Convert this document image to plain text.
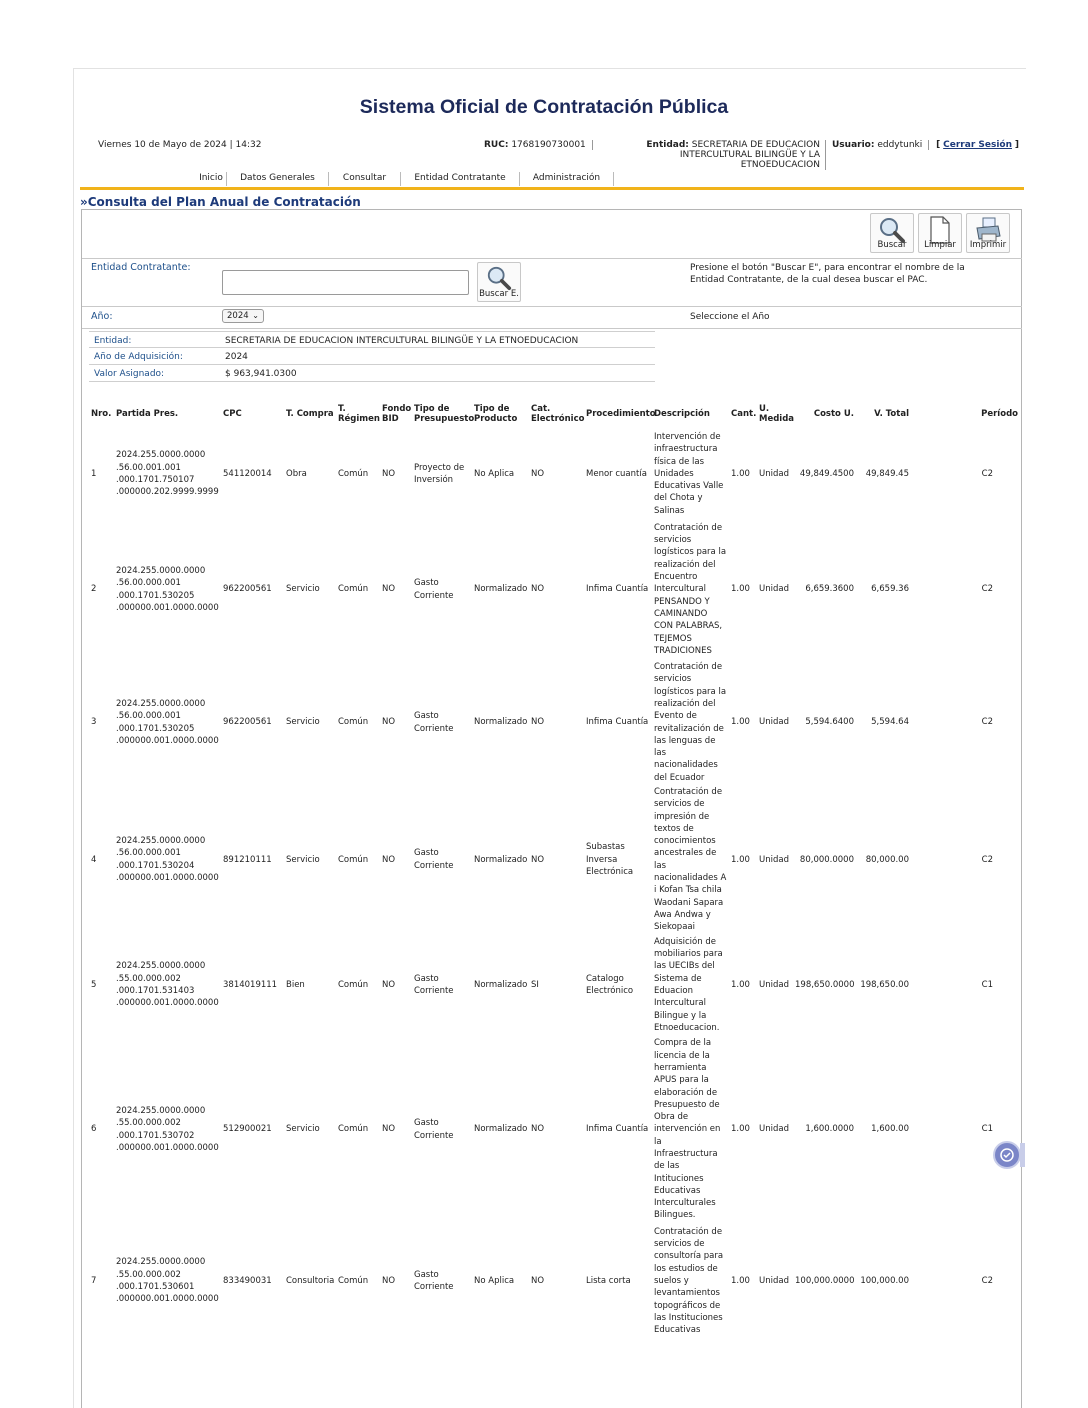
Sistema Oficial de Contratación Pública
Viernes 10 de Mayo de 2024 | 14:32	RUC: 1768190730001	Entidad: SECRETARIA DE EDUCACION
INTERCULTURAL BILINGÜE Y LA ETNOEDUCACION
Usuario: eddytunki [ Cerrar Sesión ]
Inicio	Datos Generales	Consultar	Entidad Contratante	Administración
»Consulta del Plan Anual de Contratación
Buscar	Limpiar	Imprimir
Entidad Contratante:
Buscar E.
Presione el botón "Buscar E", para encontrar el nombre de la Entidad Contratante, de la cual desea buscar el PAC.
Año:	2024 ⌄	Seleccione el Año
Entidad:	SECRETARIA DE EDUCACION INTERCULTURAL BILINGÜE Y LA ETNOEDUCACION
Año de Adquisición:	2024
Valor Asignado:	$ 963,941.0300
Nro.	Partida Pres.	CPC	T. Compra	T. Régimen	Fondo BID	Tipo de Presupuesto	Tipo de Producto	Cat. Electrónico	Procedimiento	Descripción	Cant.	U. Medida	Costo U.	V. Total	Período
1	2024.255.0000.0000
.56.00.001.001
.000.1701.750107
.000000.202.9999.9999	541120014	Obra	Común	NO	Proyecto de Inversión	No Aplica	NO	Menor cuantía	Intervención de infraestructura física de las Unidades Educativas Valle del Chota y Salinas	1.00	Unidad	49,849.4500	49,849.45	C2
2	2024.255.0000.0000
.56.00.000.001
.000.1701.530205
.000000.001.0000.0000	962200561	Servicio	Común	NO	Gasto Corriente	Normalizado	NO	Infima Cuantía	Contratación de servicios logísticos para la realización del Encuentro Intercultural PENSANDO Y CAMINANDO CON PALABRAS, TEJEMOS TRADICIONES	1.00	Unidad	6,659.3600	6,659.36	C2
3	2024.255.0000.0000
.56.00.000.001
.000.1701.530205
.000000.001.0000.0000	962200561	Servicio	Común	NO	Gasto Corriente	Normalizado	NO	Infima Cuantía	Contratación de servicios logísticos para la realización del Evento de revitalización de las lenguas de las nacionalidades del Ecuador	1.00	Unidad	5,594.6400	5,594.64	C2
4	2024.255.0000.0000
.56.00.000.001
.000.1701.530204
.000000.001.0000.0000	891210111	Servicio	Común	NO	Gasto Corriente	Normalizado	NO	Subastas Inversa Electrónica	Contratación de servicios de impresión de textos de conocimientos ancestrales de las nacionalidades A i Kofan Tsa chila Waodani Sapara Awa Andwa y Siekopaai	1.00	Unidad	80,000.0000	80,000.00	C2
5	2024.255.0000.0000
.55.00.000.002
.000.1701.531403
.000000.001.0000.0000	3814019111	Bien	Común	NO	Gasto Corriente	Normalizado	SI	Catalogo Electrónico	Adquisición de mobiliarios para las UECIBs del Sistema de Eduacion Intercultural Bilingue y la Etnoeducacion.	1.00	Unidad	198,650.0000	198,650.00	C1
6	2024.255.0000.0000
.55.00.000.002
.000.1701.530702
.000000.001.0000.0000	512900021	Servicio	Común	NO	Gasto Corriente	Normalizado	NO	Infima Cuantía	Compra de la licencia de la herramienta APUS para la elaboración de Presupuesto de Obra de intervención en la Infraestructura de las Intituciones Educativas Interculturales Bilingues.	1.00	Unidad	1,600.0000	1,600.00	C1
7	2024.255.0000.0000
.55.00.000.002
.000.1701.530601
.000000.001.0000.0000	833490031	Consultoria	Común	NO	Gasto Corriente	No Aplica	NO	Lista corta	Contratación de servicios de consultoría para los estudios de suelos y levantamientos topográficos de las Instituciones Educativas	1.00	Unidad	100,000.0000	100,000.00	C2
